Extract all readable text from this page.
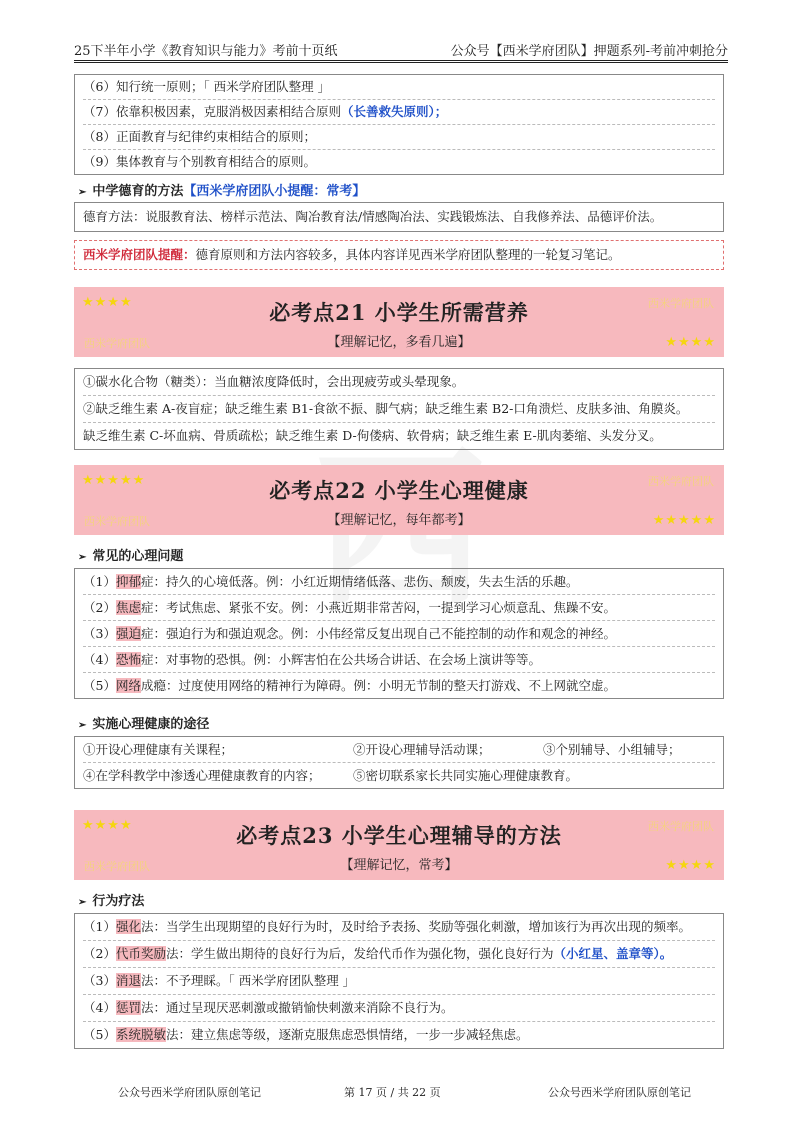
25下半年小学《教育知识与能力》考前十页纸	公众号【西米学府团队】押题系列-考前冲刺抢分
（6）知行统一原则；「 西米学府团队整理 」
（7）依靠积极因素，克服消极因素相结合原则（长善救失原则）；
（8）正面教育与纪律约束相结合的原则；
（9）集体教育与个别教育相结合的原则。
➢ 中学德育的方法【西米学府团队小提醒：常考】
德育方法：说服教育法、榜样示范法、陶冶教育法/情感陶冶法、实践锻炼法、自我修养法、品德评价法。
西米学府团队提醒：德育原则和方法内容较多，具体内容详见西米学府团队整理的一轮复习笔记。
★★★★	西米学府团队
必考点21 小学生所需营养
西米学府团队	【理解记忆，多看几遍】	★★★★
①碳水化合物（糖类）：当血糖浓度降低时，会出现疲劳或头晕现象。
②缺乏维生素 A-夜盲症；缺乏维生素 B1-食欲不振、脚气病；缺乏维生素 B2-口角溃烂、皮肤多油、角膜炎。
缺乏维生素 C-坏血病、骨质疏松；缺乏维生素 D-佝偻病、软骨病；缺乏维生素 E-肌肉萎缩、头发分叉。
★★★★★	西米学府团队
必考点22 小学生心理健康
西米学府团队	【理解记忆，每年都考】	★★★★★
➢ 常见的心理问题
（1）抑郁症：持久的心境低落。例：小红近期情绪低落、悲伤、颓废，失去生活的乐趣。
（2）焦虑症：考试焦虑、紧张不安。例：小燕近期非常苦闷，一提到学习心烦意乱、焦躁不安。
（3）强迫症：强迫行为和强迫观念。例：小伟经常反复出现自己不能控制的动作和观念的神经。
（4）恐怖症：对事物的恐惧。例：小辉害怕在公共场合讲话、在会场上演讲等等。
（5）网络成瘾：过度使用网络的精神行为障碍。例：小明无节制的整天打游戏、不上网就空虚。
➢ 实施心理健康的途径
①开设心理健康有关课程；	②开设心理辅导活动课；	③个别辅导、小组辅导；
④在学科教学中渗透心理健康教育的内容；	⑤密切联系家长共同实施心理健康教育。
★★★★	西米学府团队
必考点23 小学生心理辅导的方法
西米学府团队	【理解记忆，常考】	★★★★
➢ 行为疗法
（1）强化法：当学生出现期望的良好行为时，及时给予表扬、奖励等强化刺激，增加该行为再次出现的频率。
（2）代币奖励法：学生做出期待的良好行为后，发给代币作为强化物，强化良好行为（小红星、盖章等）。
（3）消退法：不予理睬。「 西米学府团队整理 」
（4）惩罚法：通过呈现厌恶刺激或撤销愉快刺激来消除不良行为。
（5）系统脱敏法：建立焦虑等级，逐渐克服焦虑恐惧情绪，一步一步减轻焦虑。
公众号西米学府团队原创笔记	第 17 页 / 共 22 页	公众号西米学府团队原创笔记
